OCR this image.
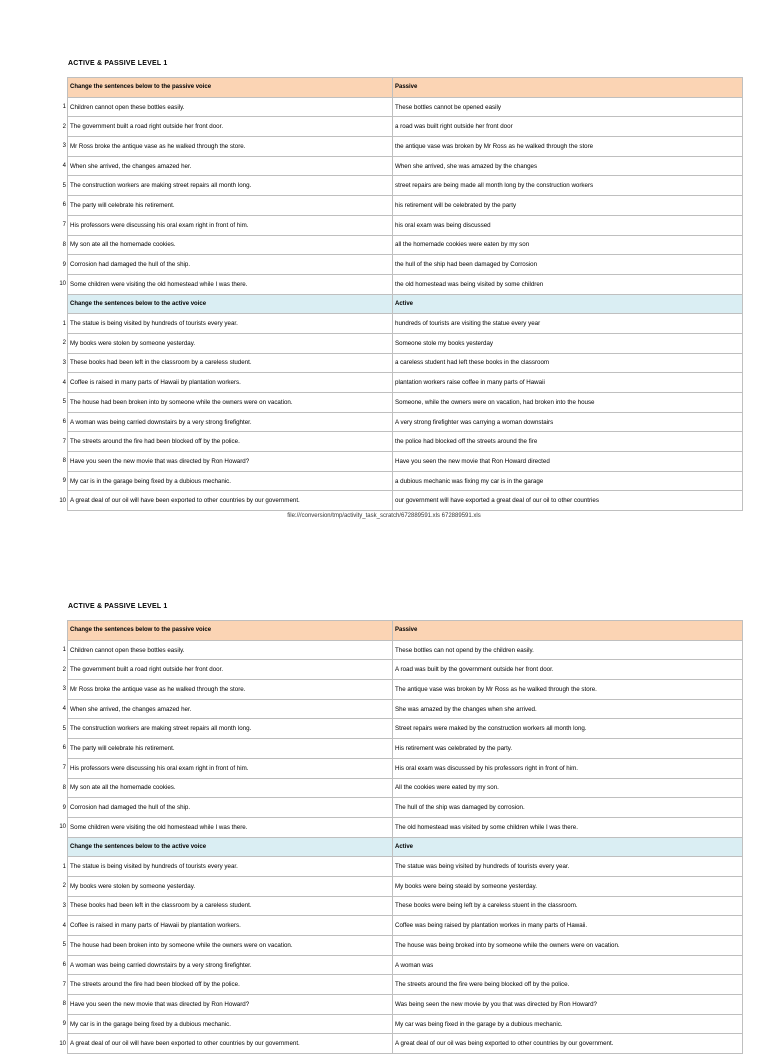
ACTIVE & PASSIVE LEVEL 1
	Change the sentences below to the passive voice	Passive
1	Children cannot open these bottles easily.	These bottles cannot be opened easily
2	The government built a road right outside her front door.	a road was built right outside her front door
3	Mr Ross broke the antique vase as he walked through the store.	the antique vase was broken by Mr Ross as he walked through the store
4	When she arrived, the changes amazed her.	When she arrived, she was amazed by the changes
5	The construction workers are making street repairs all month long.	street repairs are being made all month long by the construction workers
6	The party will celebrate his retirement.	his retirement will be celebrated by the party
7	His professors were discussing his oral exam right in front of him.	his oral exam was being discussed
8	My son ate all the homemade cookies.	all the homemade cookies were eaten by my son
9	Corrosion had damaged the hull of the ship.	the hull of the ship had been damaged by Corrosion
10	Some children were visiting the old homestead while I was there.	the old homestead was being visited by some children
	Change the sentences below to the active voice	Active
1	The statue is being visited by hundreds of tourists every year.	hundreds of tourists are visiting the statue every year
2	My books were stolen by someone yesterday.	Someone stole my books yesterday
3	These books had been left in the classroom by a careless student.	a careless student had left these books in the classroom
4	Coffee is raised in many parts of Hawaii by plantation workers.	plantation workers raise coffee in many parts of Hawaii
5	The house had been broken into by someone while the owners were on vacation.	Someone, while the owners were on vacation, had broken into the house
6	A woman was being carried downstairs by a very strong firefighter.	A very strong firefighter was carrying a woman downstairs
7	The streets around the fire had been blocked off by the police.	the police had blocked off the streets around the fire
8	Have you seen the new movie that was directed by Ron Howard?	Have you seen the new movie that Ron Howard directed
9	My car is in the garage being fixed by a dubious mechanic.	a dubious mechanic was fixing my car is in the garage
10	A great deal of our oil will have been exported to other countries by our government.	our government will have exported a great deal of our oil to other countries
file:///conversion/tmp/activity_task_scratch/672889591.xls 672889591.xls
ACTIVE & PASSIVE LEVEL 1
	Change the sentences below to the passive voice	Passive
1	Children cannot open these bottles easily.	These bottles can not opend by the children easily.
2	The government built a road right outside her front door.	A road was built by the government outside her front door.
3	Mr Ross broke the antique vase as he walked through the store.	The antique vase was broken by Mr Ross as he walked through the store.
4	When she arrived, the changes amazed her.	She was amazed by the changes when she arrived.
5	The construction workers are making street repairs all month long.	Street repairs were maked by the construction workers all month long.
6	The party will celebrate his retirement.	His retirement was celebrated by the party.
7	His professors were discussing his oral exam right in front of him.	His oral exam was discussed by his professors right in front of him.
8	My son ate all the homemade cookies.	All the cookies were eated by my son.
9	Corrosion had damaged the hull of the ship.	The hull of the ship was damaged by corrosion.
10	Some children were visiting the old homestead while I was there.	The old homestead was visited by some children while I was there.
	Change the sentences below to the active voice	Active
1	The statue is being visited by hundreds of tourists every year.	The statue was being visited by hundreds of tourists every year.
2	My books were stolen by someone yesterday.	My books were being steald by someone yesterday.
3	These books had been left in the classroom by a careless student.	These books were being left by a careless stuent in the classroom.
4	Coffee is raised in many parts of Hawaii by plantation workers.	Coffee was being raised by plantation workes in many parts of Hawaii.
5	The house had been broken into by someone while the owners were on vacation.	The house was being broked into by someone while the owners were on vacation.
6	A woman was being carried downstairs by a very strong firefighter.	A woman was
7	The streets around the fire had been blocked off by the police.	The streets around the fire were being blocked off by the police.
8	Have you seen the new movie that was directed by Ron Howard?	Was being seen the new movie by you that was directed by Ron Howard?
9	My car is in the garage being fixed by a dubious mechanic.	My car was being fixed in the garage by a dubious mechanic.
10	A great deal of our oil will have been exported to other countries by our government.	A great deal of our oil was being exported to other countries by our government.
